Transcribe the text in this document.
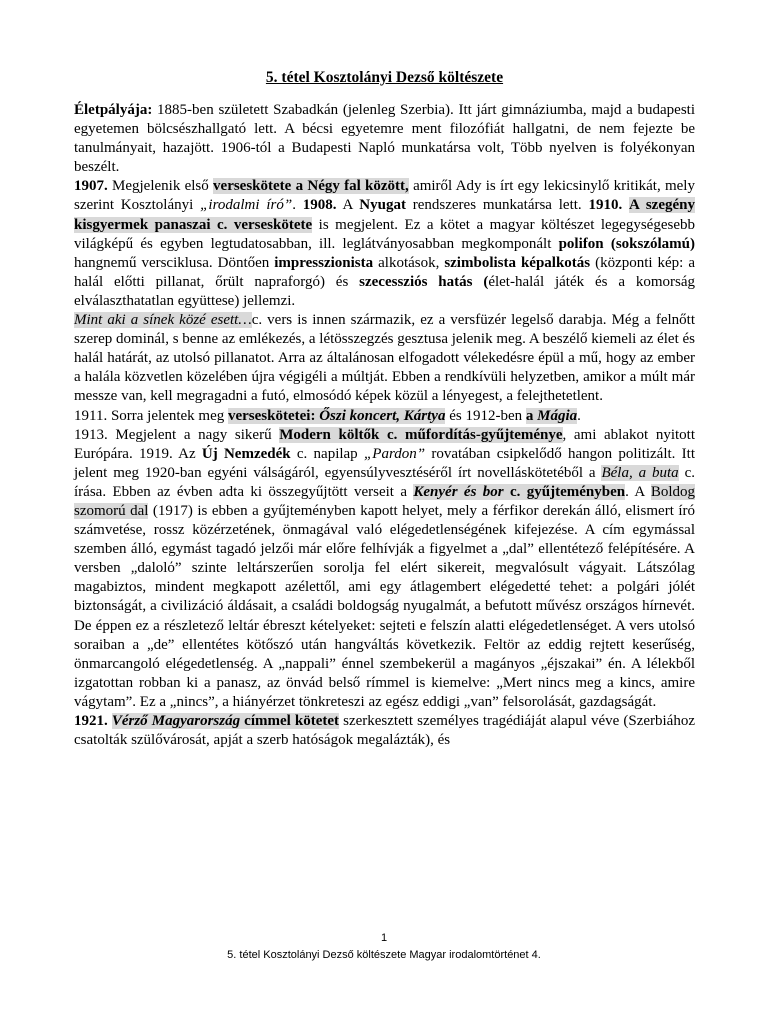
5. tétel Kosztolányi Dezső költészete

Életpályája: 1885-ben született Szabadkán (jelenleg Szerbia). Itt járt gimnáziumba, majd a budapesti egyetemen bölcsészhallgató lett. A bécsi egyetemre ment filozófiát hallgatni, de nem fejezte be tanulmányait, hazajött. 1906-tól a Budapesti Napló munkatársa volt, Több nyelven is folyékonyan beszélt.

1907. Megjelenik első verseskötete a Négy fal között, amiről Ady is írt egy lekicsinylő kritikát, mely szerint Kosztolányi „irodalmi író”. 1908. A Nyugat rendszeres munkatársa lett. 1910. A szegény kisgyermek panaszai c. verseskötete is megjelent. Ez a kötet a magyar költészet legegységesebb világképű és egyben legtudatosabban, ill. leglátványosabban megkomponált polifon (sokszólamú) hangnemű versciklusa. Döntően impresszionista alkotások, szimbolista képalkotás (központi kép: a halál előtti pillanat, őrült napraforgó) és szecessziós hatás (élet-halál játék és a komorság elválaszthatatlan együttese) jellemzi.

Mint aki a sínek közé esett…c. vers is innen származik, ez a versfüzér legelső darabja. Még a felnőtt szerep dominál, s benne az emlékezés, a létösszegzés gesztusa jelenik meg. A beszélő kiemeli az élet és halál határát, az utolsó pillanatot. Arra az általánosan elfogadott vélekedésre épül a mű, hogy az ember a halála közvetlen közelében újra végigéli a múltját. Ebben a rendkívüli helyzetben, amikor a múlt már messze van, kell megragadni a futó, elmosódó képek közül a lényegest, a felejthetetlent.

1911. Sorra jelentek meg verseskötetei: Őszi koncert, Kártya és 1912-ben a Mágia.

1913. Megjelent a nagy sikerű Modern költők c. műfordítás-gyűjteménye, ami ablakot nyitott Európára. 1919. Az Új Nemzedék c. napilap „Pardon” rovatában csipkelődő hangon politizált. Itt jelent meg 1920-ban egyéni válságáról, egyensúlyvesztéséről írt novelláskötetéből a Béla, a buta c. írása. Ebben az évben adta ki összegyűjtött verseit a Kenyér és bor c. gyűjteményben. A Boldog szomorú dal (1917) is ebben a gyűjteményben kapott helyet, mely a férfikor derekán álló, elismert író számvetése, rossz közérzetének, önmagával való elégedetlenségének kifejezése. A cím egymással szemben álló, egymást tagadó jelzői már előre felhívják a figyelmet a „dal” ellentétező felépítésére. A versben „dalolό” szinte leltárszerűen sorolja fel elért sikereit, megvalósult vágyait. Látszólag magabiztos, mindent megkapott azélettől, ami egy átlagembert elégedetté tehet: a polgári jólét biztonságát, a civilizáció áldásait, a családi boldogság nyugalmát, a befutott művész országos hírnevét. De éppen ez a részletező leltár ébreszt kételyeket: sejteti e felszín alatti elégedetlenséget. A vers utolsó soraiban a „de” ellentétes kötőszó után hangváltás következik. Feltör az eddig rejtett keserűség, önmarcangoló elégedetlenség. A „nappali” énnel szembekerül a magányos „éjszakai” én. A lélekből izgatottan robban ki a panasz, az önvád belső rímmel is kiemelve: „Mert nincs meg a kincs, amire vágytam”. Ez a „nincs”, a hiányérzet tönkreteszi az egész eddigi „van” felsorolását, gazdagságát.

1921. Vérző Magyarország címmel kötetet szerkesztett személyes tragédiáját alapul véve (Szerbiához csatolták szülővárosát, apját a szerb hatóságok megalázták), és

1
5. tétel Kosztolányi Dezső költészete Magyar irodalomtörténet 4.
